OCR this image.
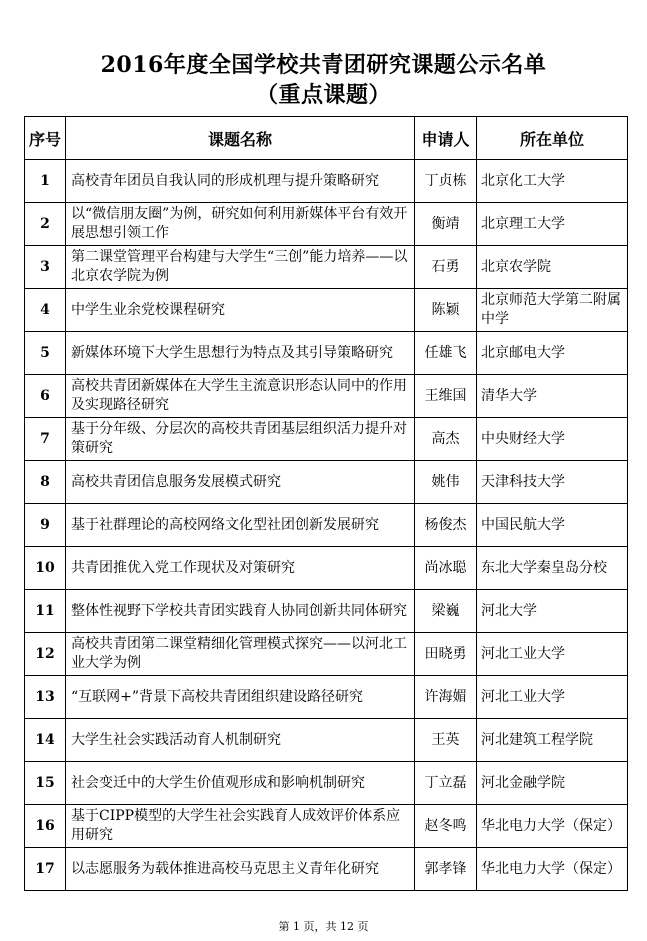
2016年度全国学校共青团研究课题公示名单
（重点课题）
序号	课题名称	申请人	所在单位
1	高校青年团员自我认同的形成机理与提升策略研究	丁贞栋	北京化工大学
2	以“微信朋友圈”为例，研究如何利用新媒体平台有效开展思想引领工作	衡靖	北京理工大学
3	第二课堂管理平台构建与大学生“三创”能力培养——以北京农学院为例	石勇	北京农学院
4	中学生业余党校课程研究	陈颖	北京师范大学第二附属中学
5	新媒体环境下大学生思想行为特点及其引导策略研究	任雄飞	北京邮电大学
6	高校共青团新媒体在大学生主流意识形态认同中的作用及实现路径研究	王维国	清华大学
7	基于分年级、分层次的高校共青团基层组织活力提升对策研究	高杰	中央财经大学
8	高校共青团信息服务发展模式研究	姚伟	天津科技大学
9	基于社群理论的高校网络文化型社团创新发展研究	杨俊杰	中国民航大学
10	共青团推优入党工作现状及对策研究	尚冰聪	东北大学秦皇岛分校
11	整体性视野下学校共青团实践育人协同创新共同体研究	梁巍	河北大学
12	高校共青团第二课堂精细化管理模式探究——以河北工业大学为例	田晓勇	河北工业大学
13	“互联网+”背景下高校共青团组织建设路径研究	许海媚	河北工业大学
14	大学生社会实践活动育人机制研究	王英	河北建筑工程学院
15	社会变迁中的大学生价值观形成和影响机制研究	丁立磊	河北金融学院
16	基于CIPP模型的大学生社会实践育人成效评价体系应用研究	赵冬鸣	华北电力大学（保定）
17	以志愿服务为载体推进高校马克思主义青年化研究	郭孝锋	华北电力大学（保定）
第 1 页，共 12 页
